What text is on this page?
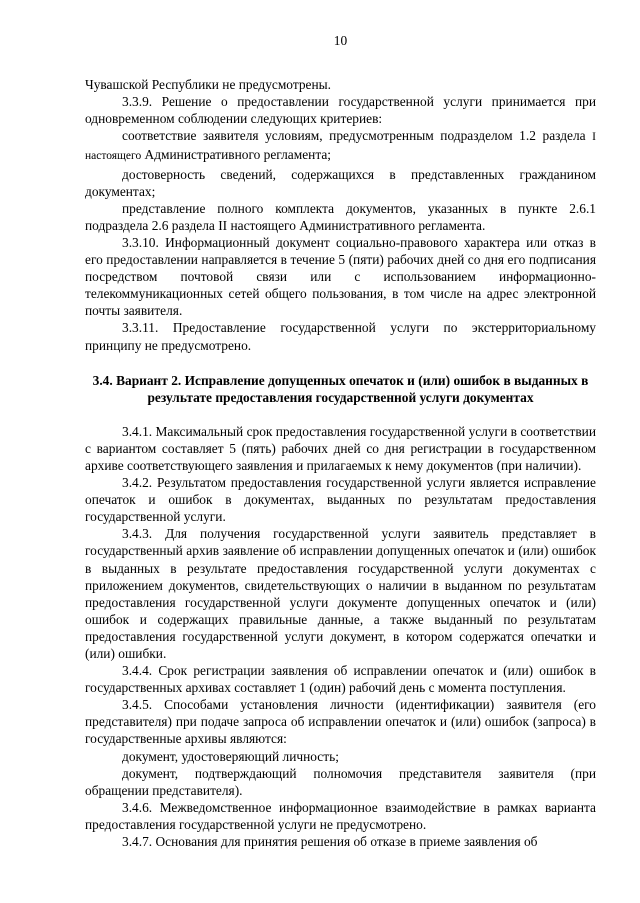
10

Чувашской Республики не предусмотрены.

3.3.9. Решение о предоставлении государственной услуги принимается при одновременном соблюдении следующих критериев:

соответствие заявителя условиям, предусмотренным подразделом 1.2 раздела I настоящего Административного регламента;

достоверность сведений, содержащихся в представленных гражданином документах;

представление полного комплекта документов, указанных в пункте 2.6.1 подраздела 2.6 раздела II настоящего Административного регламента.

3.3.10. Информационный документ социально-правового характера или отказ в его предоставлении направляется в течение 5 (пяти) рабочих дней со дня его подписания посредством почтовой связи или с использованием информационно-телекоммуникационных сетей общего пользования, в том числе на адрес электронной почты заявителя.

3.3.11. Предоставление государственной услуги по экстерриториальному принципу не предусмотрено.

3.4. Вариант 2. Исправление допущенных опечаток и (или) ошибок в выданных в результате предоставления государственной услуги документах

3.4.1. Максимальный срок предоставления государственной услуги в соответствии с вариантом составляет 5 (пять) рабочих дней со дня регистрации в государственном архиве соответствующего заявления и прилагаемых к нему документов (при наличии).

3.4.2. Результатом предоставления государственной услуги является исправление опечаток и ошибок в документах, выданных по результатам предоставления государственной услуги.

3.4.3. Для получения государственной услуги заявитель представляет в государственный архив заявление об исправлении допущенных опечаток и (или) ошибок в выданных в результате предоставления государственной услуги документах с приложением документов, свидетельствующих о наличии в выданном по результатам предоставления государственной услуги документе допущенных опечаток и (или) ошибок и содержащих правильные данные, а также выданный по результатам предоставления государственной услуги документ, в котором содержатся опечатки и (или) ошибки.

3.4.4. Срок регистрации заявления об исправлении опечаток и (или) ошибок в государственных архивах составляет 1 (один) рабочий день с момента поступления.

3.4.5. Способами установления личности (идентификации) заявителя (его представителя) при подаче запроса об исправлении опечаток и (или) ошибок (запроса) в государственные архивы являются:

документ, удостоверяющий личность;

документ, подтверждающий полномочия представителя заявителя (при обращении представителя).

3.4.6. Межведомственное информационное взаимодействие в рамках варианта предоставления государственной услуги не предусмотрено.

3.4.7. Основания для принятия решения об отказе в приеме заявления об
